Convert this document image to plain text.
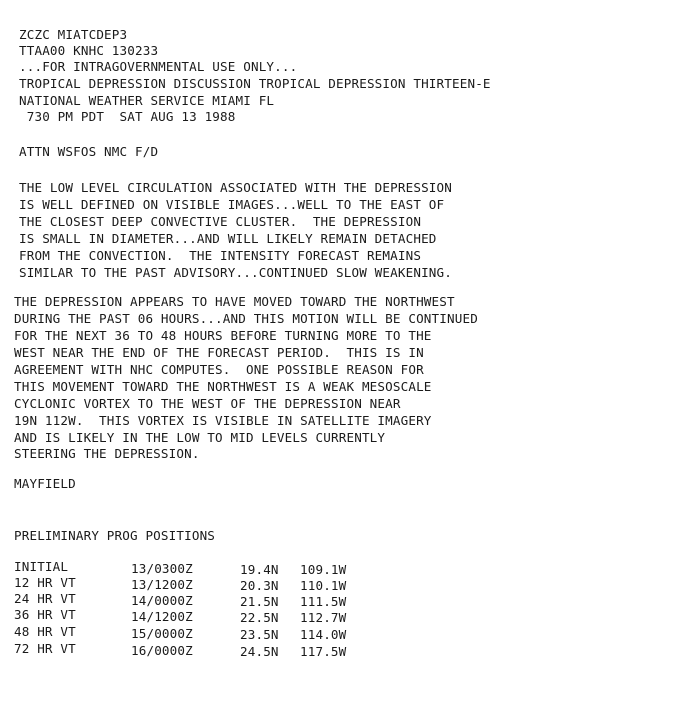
ZCZC MIATCDEP3
TTAA00 KNHC 130233
...FOR INTRAGOVERNMENTAL USE ONLY...
TROPICAL DEPRESSION DISCUSSION TROPICAL DEPRESSION THIRTEEN-E
NATIONAL WEATHER SERVICE MIAMI FL
730 PM PDT  SAT AUG 13 1988
ATTN WSFOS NMC F/D
THE LOW LEVEL CIRCULATION ASSOCIATED WITH THE DEPRESSION
IS WELL DEFINED ON VISIBLE IMAGES...WELL TO THE EAST OF
THE CLOSEST DEEP CONVECTIVE CLUSTER.  THE DEPRESSION
IS SMALL IN DIAMETER...AND WILL LIKELY REMAIN DETACHED
FROM THE CONVECTION.  THE INTENSITY FORECAST REMAINS
SIMILAR TO THE PAST ADVISORY...CONTINUED SLOW WEAKENING.
THE DEPRESSION APPEARS TO HAVE MOVED TOWARD THE NORTHWEST
DURING THE PAST 06 HOURS...AND THIS MOTION WILL BE CONTINUED
FOR THE NEXT 36 TO 48 HOURS BEFORE TURNING MORE TO THE
WEST NEAR THE END OF THE FORECAST PERIOD.  THIS IS IN
AGREEMENT WITH NHC COMPUTES.  ONE POSSIBLE REASON FOR
THIS MOVEMENT TOWARD THE NORTHWEST IS A WEAK MESOSCALE
CYCLONIC VORTEX TO THE WEST OF THE DEPRESSION NEAR
19N 112W.  THIS VORTEX IS VISIBLE IN SATELLITE IMAGERY
AND IS LIKELY IN THE LOW TO MID LEVELS CURRENTLY
STEERING THE DEPRESSION.
MAYFIELD
PRELIMINARY PROG POSITIONS
INITIAL	13/0300Z	19.4N 109.1W
12 HR VT	13/1200Z	20.3N 110.1W
24 HR VT	14/0000Z	21.5N 111.5W
36 HR VT	14/1200Z	22.5N 112.7W
48 HR VT	15/0000Z	23.5N 114.0W
72 HR VT	16/0000Z	24.5N 117.5W
